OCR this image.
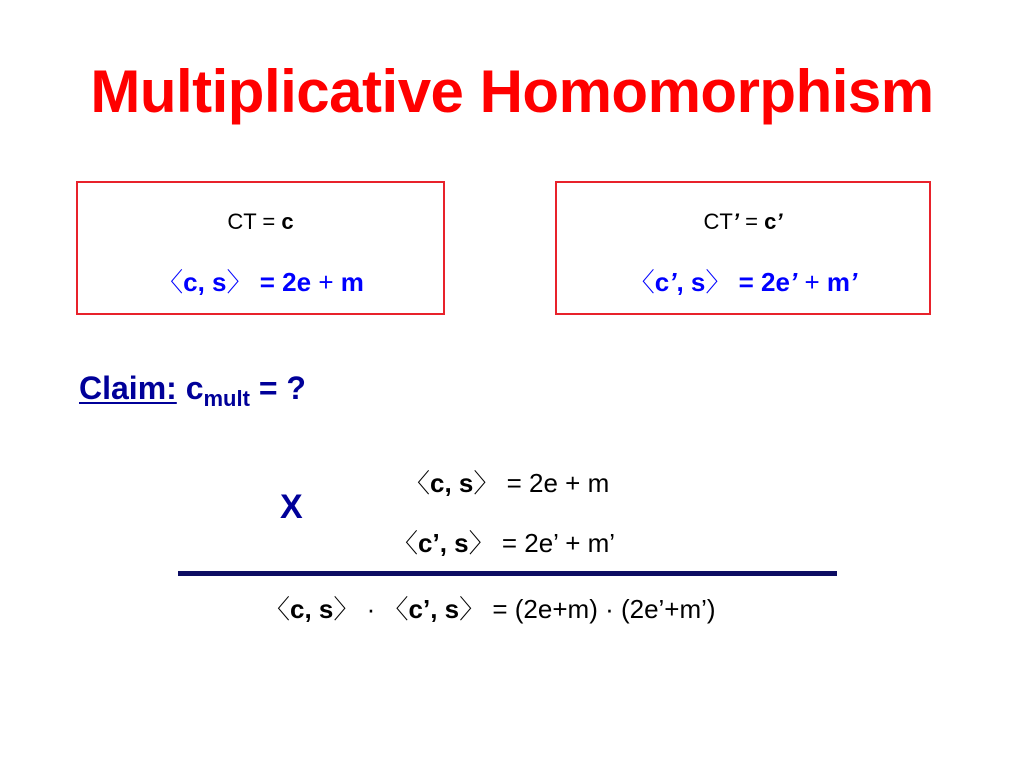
Multiplicative Homomorphism
CT = c
〈c, s〉 = 2e + m
CT’ = c’
〈c’, s〉 = 2e’ + m’
Claim: $c_{mult}$ = ?
X
〈c, s〉 = 2e + m
〈c’, s〉 = 2e’ + m’
〈c, s〉 · 〈c’, s〉 = (2e+m) · (2e’+m’)
